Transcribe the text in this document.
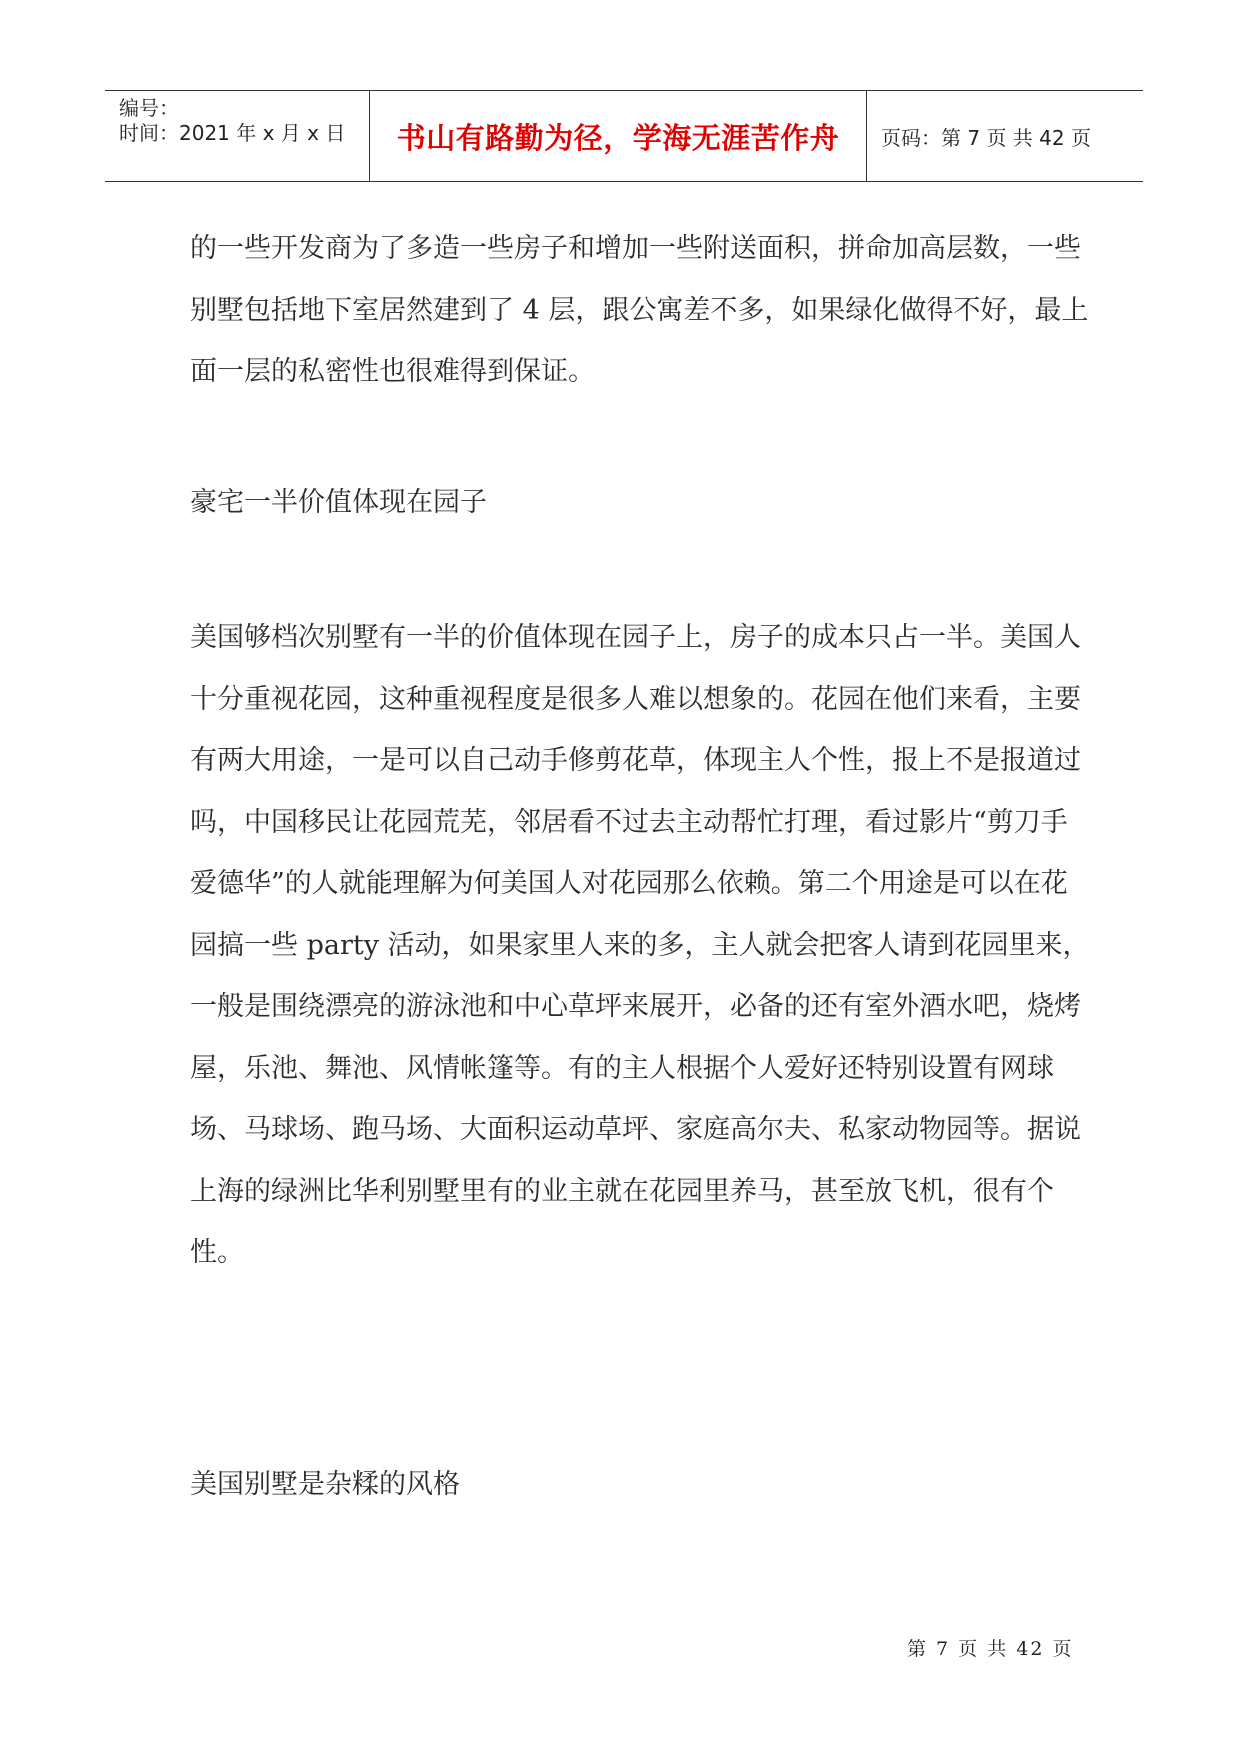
编号：
时间：2021 年 x 月 x 日 书山有路勤为径，学海无涯苦作舟 页码：第 7 页 共 42 页

的一些开发商为了多造一些房子和增加一些附送面积，拼命加高层数，一些别墅包括地下室居然建到了 4 层，跟公寓差不多，如果绿化做得不好，最上面一层的私密性也很难得到保证。

豪宅一半价值体现在园子

美国够档次别墅有一半的价值体现在园子上，房子的成本只占一半。美国人十分重视花园，这种重视程度是很多人难以想象的。花园在他们来看，主要有两大用途，一是可以自己动手修剪花草，体现主人个性，报上不是报道过吗，中国移民让花园荒芜，邻居看不过去主动帮忙打理，看过影片“剪刀手爱德华”的人就能理解为何美国人对花园那么依赖。第二个用途是可以在花园搞一些 party 活动，如果家里人来的多，主人就会把客人请到花园里来，一般是围绕漂亮的游泳池和中心草坪来展开，必备的还有室外酒水吧，烧烤屋，乐池、舞池、风情帐篷等。有的主人根据个人爱好还特别设置有网球场、马球场、跑马场、大面积运动草坪、家庭高尔夫、私家动物园等。据说上海的绿洲比华利别墅里有的业主就在花园里养马，甚至放飞机，很有个性。

美国别墅是杂糅的风格

第 7 页 共 42 页
